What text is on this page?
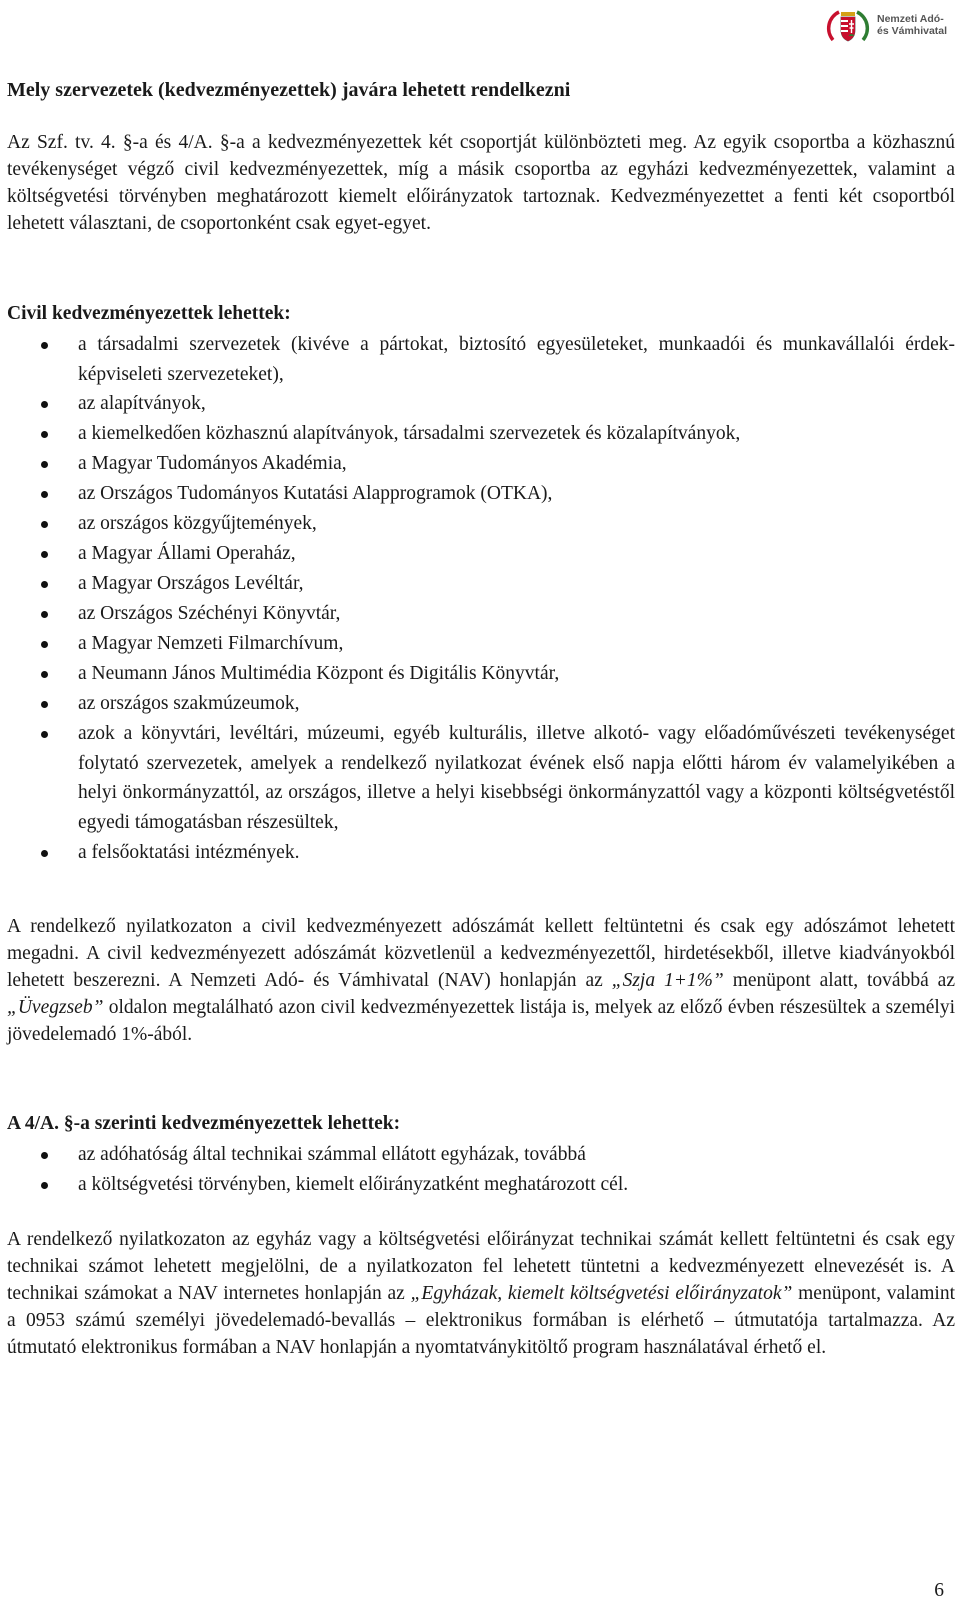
Nemzeti Adó-
és Vámhivatal
Mely szervezetek (kedvezményezettek) javára lehetett rendelkezni

Az Szf. tv. 4. §-a és 4/A. §-a a kedvezményezettek két csoportját különbözteti meg. Az egyik csoportba a közhasznú tevékenységet végző civil kedvezményezettek, míg a másik csoportba az egyházi kedvezményezettek, valamint a költségvetési törvényben meghatározott kiemelt előirányzatok tartoznak. Kedvezményezettet a fenti két csoportból lehetett választani, de csoportonként csak egyet-egyet.

Civil kedvezményezettek lehettek:
a társadalmi szervezetek (kivéve a pártokat, biztosító egyesületeket, munkaadói és munkavállalói érdek-képviseleti szervezeteket),
az alapítványok,
a kiemelkedően közhasznú alapítványok, társadalmi szervezetek és közalapítványok,
a Magyar Tudományos Akadémia,
az Országos Tudományos Kutatási Alapprogramok (OTKA),
az országos közgyűjtemények,
a Magyar Állami Operaház,
a Magyar Országos Levéltár,
az Országos Széchényi Könyvtár,
a Magyar Nemzeti Filmarchívum,
a Neumann János Multimédia Központ és Digitális Könyvtár,
az országos szakmúzeumok,
azok a könyvtári, levéltári, múzeumi, egyéb kulturális, illetve alkotó- vagy előadóművészeti tevékenységet folytató szervezetek, amelyek a rendelkező nyilatkozat évének első napja előtti három év valamelyikében a helyi önkormányzattól, az országos, illetve a helyi kisebbségi önkormányzattól vagy a központi költségvetéstől egyedi támogatásban részesültek,
a felsőoktatási intézmények.

A rendelkező nyilatkozaton a civil kedvezményezett adószámát kellett feltüntetni és csak egy adószámot lehetett megadni. A civil kedvezményezett adószámát közvetlenül a kedvezményezettől, hirdetésekből, illetve kiadványokból lehetett beszerezni. A Nemzeti Adó- és Vámhivatal (NAV) honlapján az „Szja 1+1%” menüpont alatt, továbbá az „Üvegzseb” oldalon megtalálható azon civil kedvezményezettek listája is, melyek az előző évben részesültek a személyi jövedelemadó 1%-ából.

A 4/A. §-a szerinti kedvezményezettek lehettek:
az adóhatóság által technikai számmal ellátott egyházak, továbbá
a költségvetési törvényben, kiemelt előirányzatként meghatározott cél.

A rendelkező nyilatkozaton az egyház vagy a költségvetési előirányzat technikai számát kellett feltüntetni és csak egy technikai számot lehetett megjelölni, de a nyilatkozaton fel lehetett tüntetni a kedvezményezett elnevezését is. A technikai számokat a NAV internetes honlapján az „Egyházak, kiemelt költségvetési előirányzatok” menüpont, valamint a 0953 számú személyi jövedelemadó-bevallás – elektronikus formában is elérhető – útmutatója tartalmazza. Az útmutató elektronikus formában a NAV honlapján a nyomtatványkitöltő program használatával érhető el.

6
